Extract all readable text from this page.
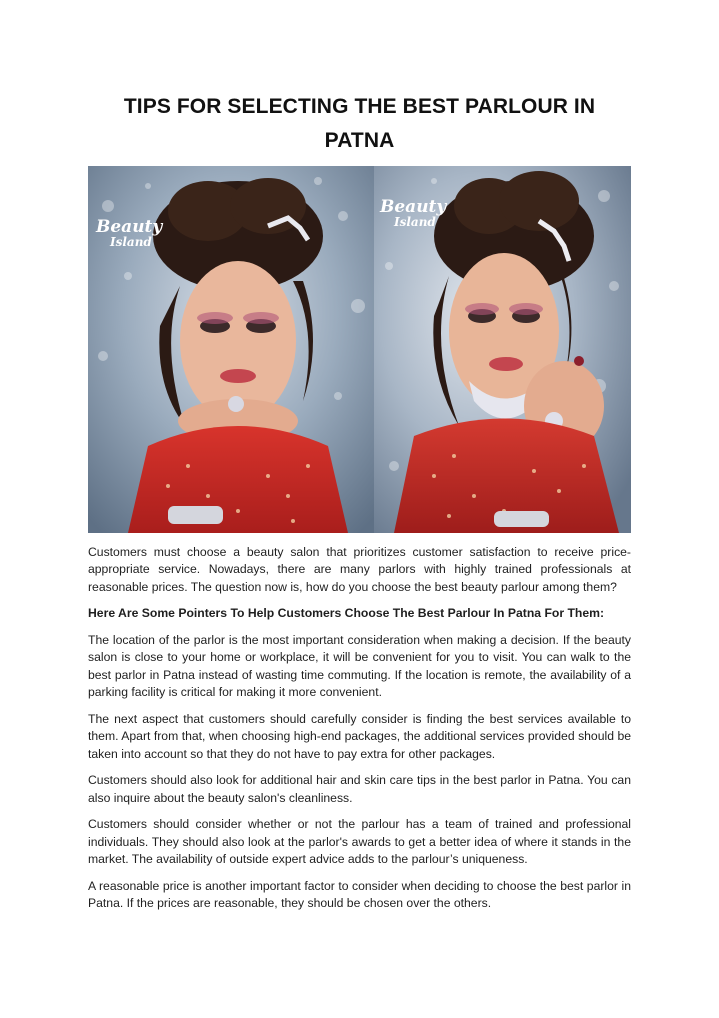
TIPS FOR SELECTING THE BEST PARLOUR IN PATNA
Beauty
Island
Beauty
Island

Customers must choose a beauty salon that prioritizes customer satisfaction to receive price-appropriate service. Nowadays, there are many parlors with highly trained professionals at reasonable prices. The question now is, how do you choose the best beauty parlour among them?

Here Are Some Pointers To Help Customers Choose The Best Parlour In Patna For Them:

The location of the parlor is the most important consideration when making a decision. If the beauty salon is close to your home or workplace, it will be convenient for you to visit. You can walk to the best parlor in Patna instead of wasting time commuting. If the location is remote, the availability of a parking facility is critical for making it more convenient.

The next aspect that customers should carefully consider is finding the best services available to them. Apart from that, when choosing high-end packages, the additional services provided should be taken into account so that they do not have to pay extra for other packages.

Customers should also look for additional hair and skin care tips in the best parlor in Patna. You can also inquire about the beauty salon's cleanliness.

Customers should consider whether or not the parlour has a team of trained and professional individuals. They should also look at the parlor's awards to get a better idea of where it stands in the market. The availability of outside expert advice adds to the parlour’s uniqueness.

A reasonable price is another important factor to consider when deciding to choose the best parlor in Patna. If the prices are reasonable, they should be chosen over the others.
